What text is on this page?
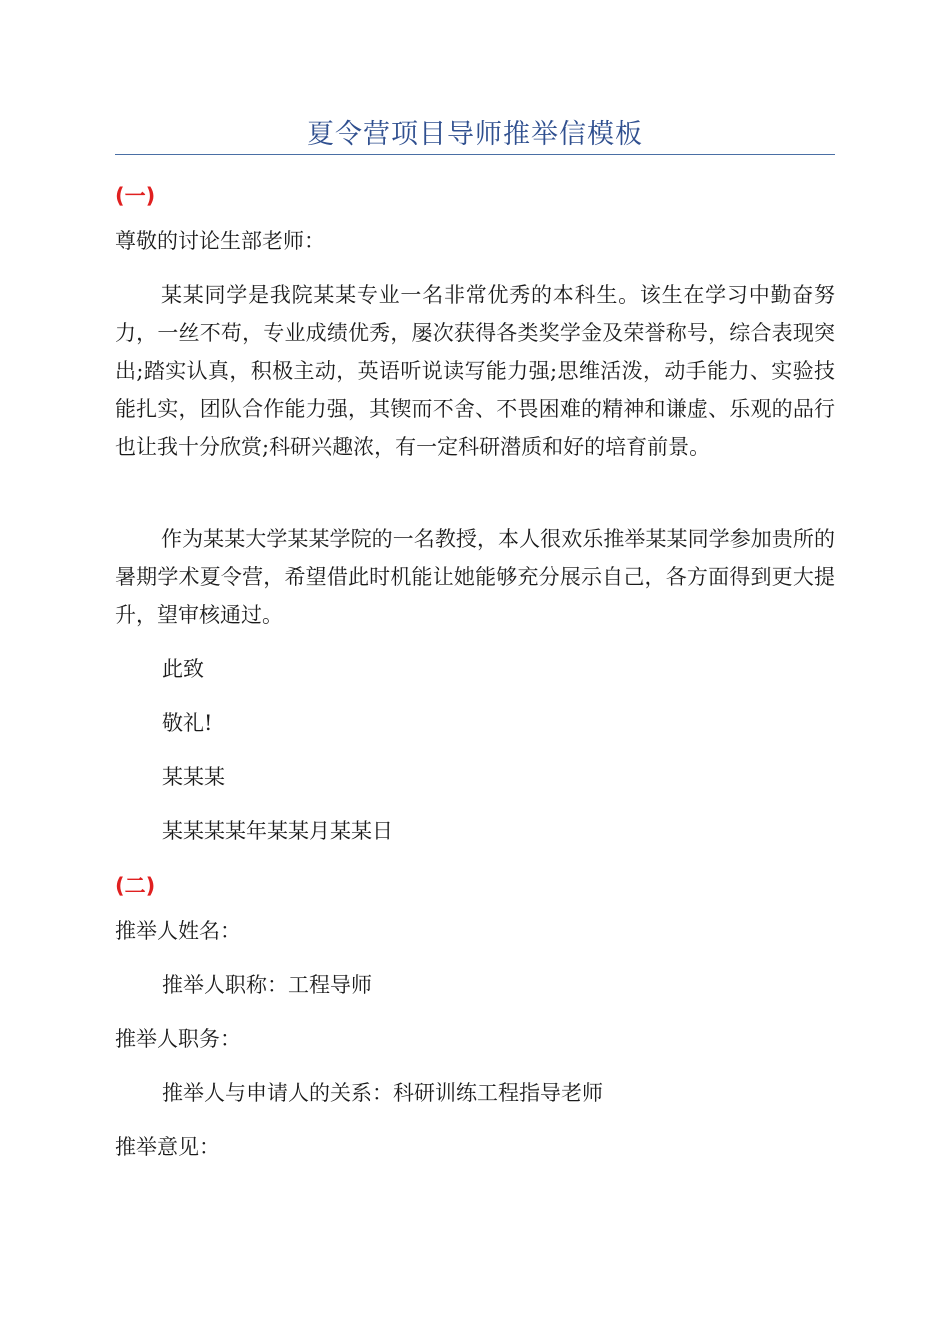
夏令营项目导师推举信模板
(一)
尊敬的讨论生部老师：
某某同学是我院某某专业一名非常优秀的本科生。该生在学习中勤奋努力，一丝不苟，专业成绩优秀，屡次获得各类奖学金及荣誉称号，综合表现突出;踏实认真，积极主动，英语听说读写能力强;思维活泼，动手能力、实验技能扎实，团队合作能力强，其锲而不舍、不畏困难的精神和谦虚、乐观的品行也让我十分欣赏;科研兴趣浓，有一定科研潜质和好的培育前景。
作为某某大学某某学院的一名教授，本人很欢乐推举某某同学参加贵所的暑期学术夏令营，希望借此时机能让她能够充分展示自己，各方面得到更大提升，望审核通过。
此致
敬礼!
某某某
某某某某年某某月某某日
(二)
推举人姓名：
推举人职称：工程导师
推举人职务：
推举人与申请人的关系：科研训练工程指导老师
推举意见：
